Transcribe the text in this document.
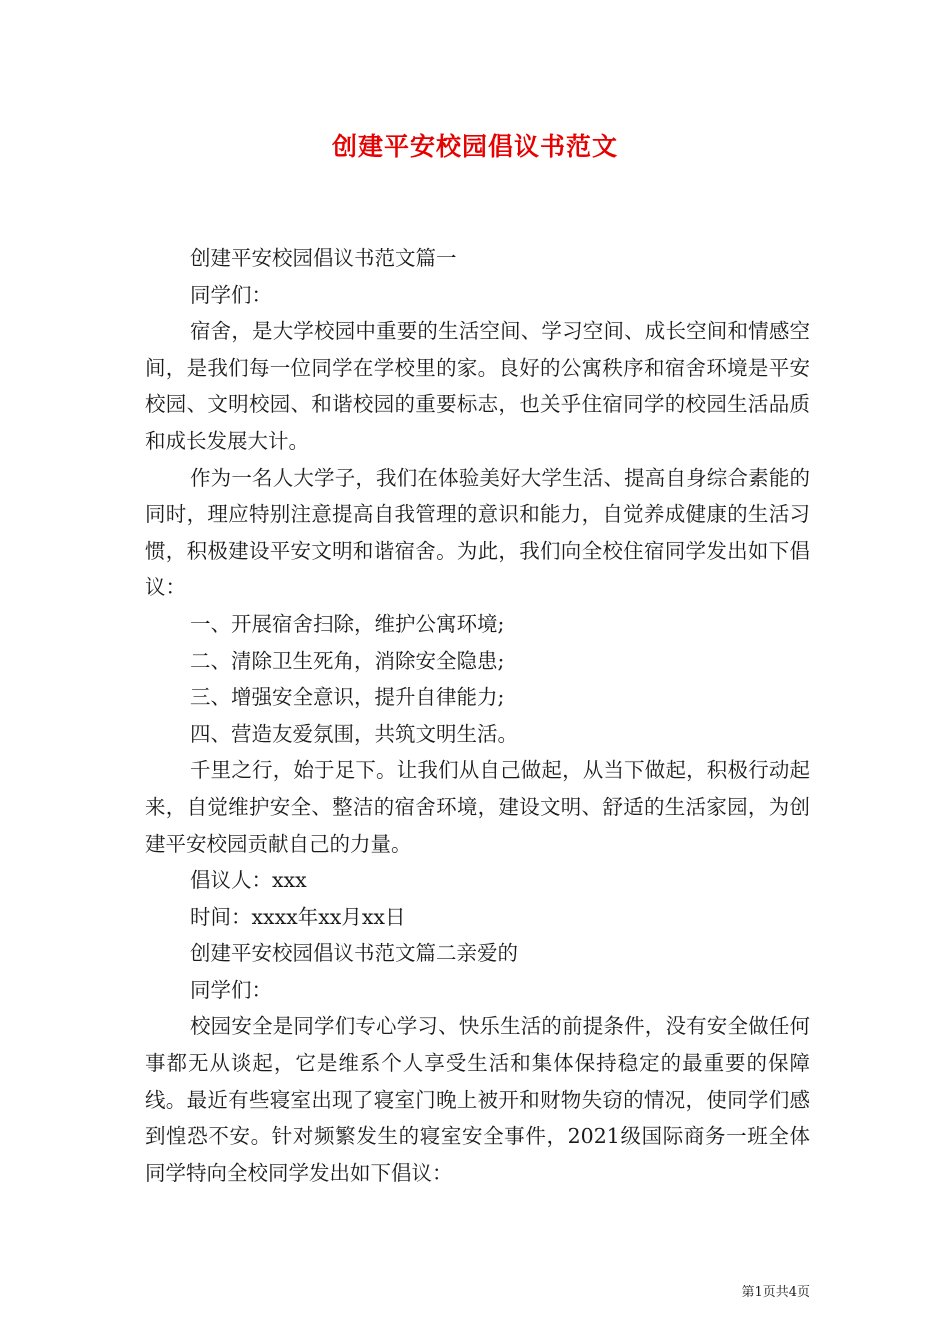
创建平安校园倡议书范文

创建平安校园倡议书范文篇一

同学们：

宿舍，是大学校园中重要的生活空间、学习空间、成长空间和情感空间，是我们每一位同学在学校里的家。良好的公寓秩序和宿舍环境是平安校园、文明校园、和谐校园的重要标志，也关乎住宿同学的校园生活品质和成长发展大计。

作为一名人大学子，我们在体验美好大学生活、提高自身综合素能的同时，理应特别注意提高自我管理的意识和能力，自觉养成健康的生活习惯，积极建设平安文明和谐宿舍。为此，我们向全校住宿同学发出如下倡议：

一、开展宿舍扫除，维护公寓环境;

二、清除卫生死角，消除安全隐患;

三、增强安全意识，提升自律能力;

四、营造友爱氛围，共筑文明生活。

千里之行，始于足下。让我们从自己做起，从当下做起，积极行动起来，自觉维护安全、整洁的宿舍环境，建设文明、舒适的生活家园，为创建平安校园贡献自己的力量。

倡议人：xxx

时间：xxxx年xx月xx日

创建平安校园倡议书范文篇二亲爱的

同学们：

校园安全是同学们专心学习、快乐生活的前提条件，没有安全做任何事都无从谈起，它是维系个人享受生活和集体保持稳定的最重要的保障线。最近有些寝室出现了寝室门晚上被开和财物失窃的情况，使同学们感到惶恐不安。针对频繁发生的寝室安全事件，2021级国际商务一班全体同学特向全校同学发出如下倡议：

第1页共4页
